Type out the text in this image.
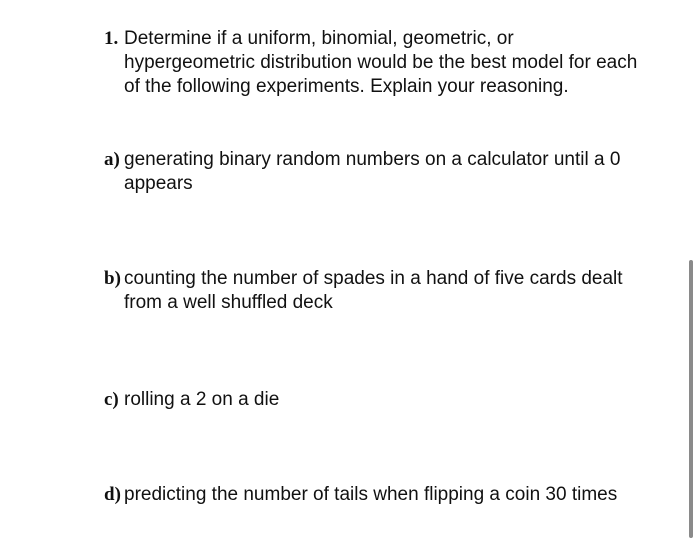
1. Determine if a uniform, binomial, geometric, or hypergeometric distribution would be the best model for each of the following experiments. Explain your reasoning.
a) generating binary random numbers on a calculator until a 0 appears
b) counting the number of spades in a hand of five cards dealt from a well shuffled deck
c) rolling a 2 on a die
d) predicting the number of tails when flipping a coin 30 times
